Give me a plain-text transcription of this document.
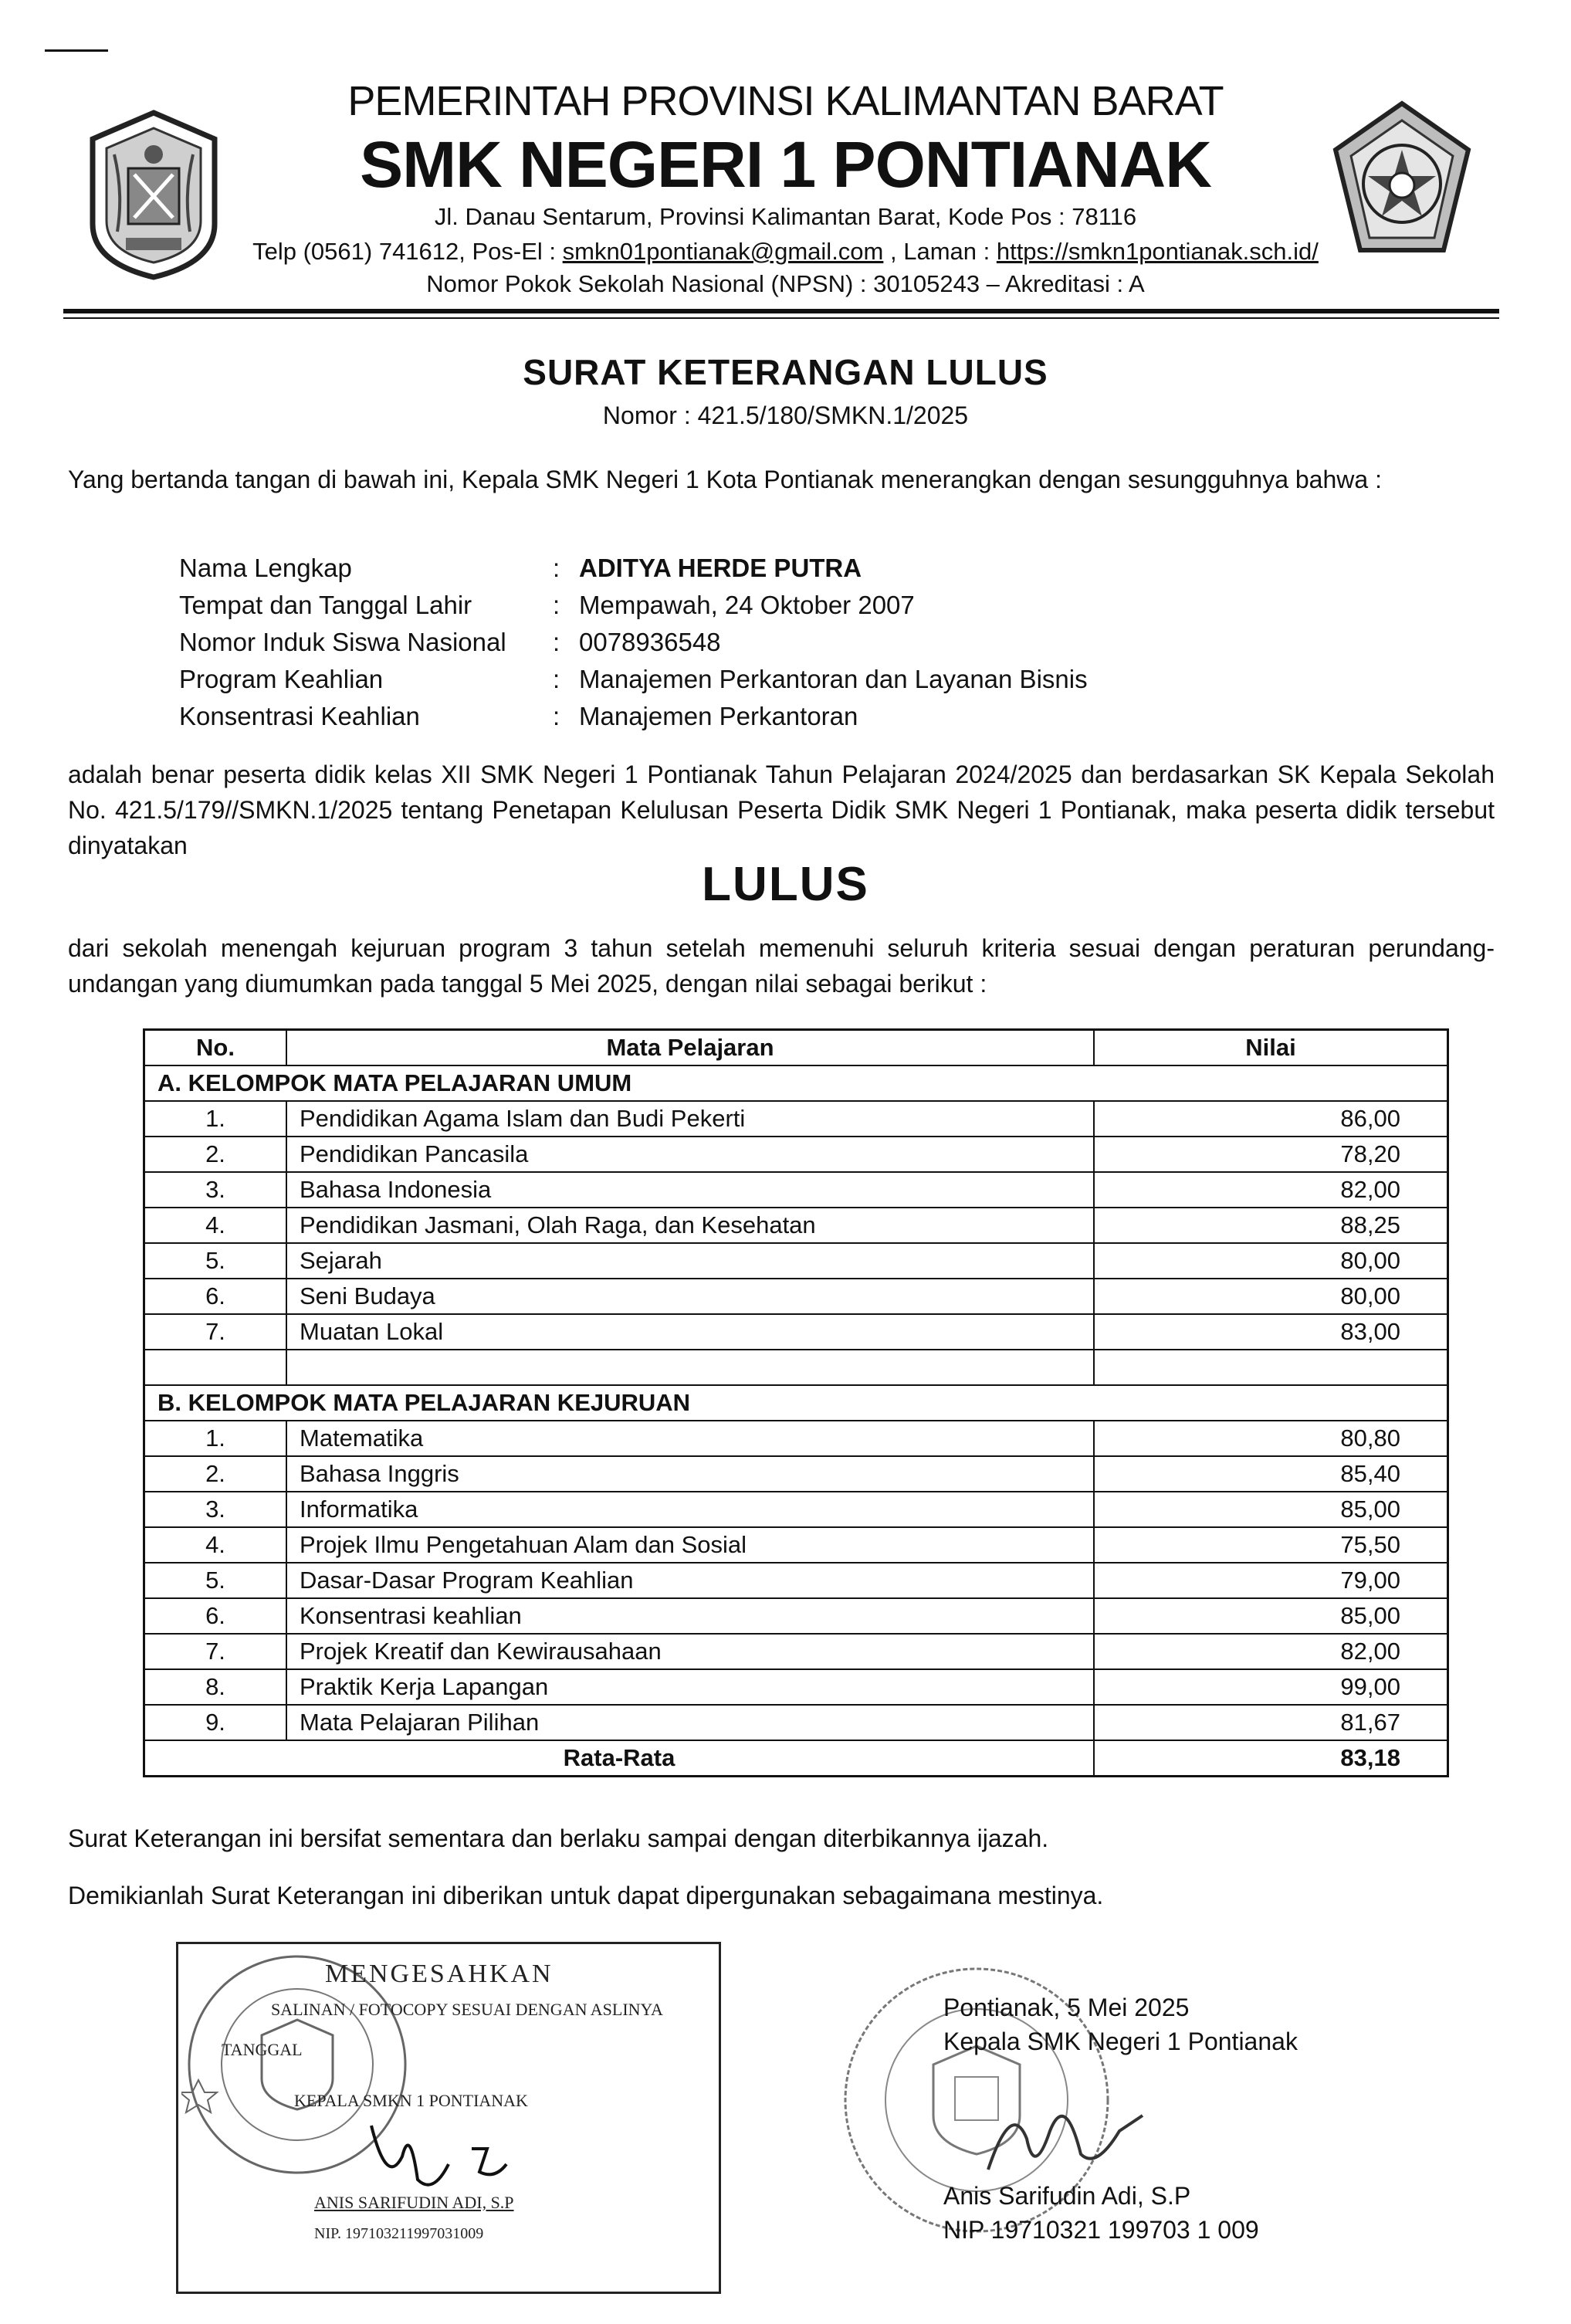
PEMERINTAH PROVINSI KALIMANTAN BARAT
SMK NEGERI 1 PONTIANAK
Jl. Danau Sentarum, Provinsi Kalimantan Barat, Kode Pos : 78116
Telp (0561) 741612, Pos-El : smkn01pontianak@gmail.com , Laman : https://smkn1pontianak.sch.id/
Nomor Pokok Sekolah Nasional (NPSN) : 30105243 – Akreditasi : A
SURAT KETERANGAN LULUS
Nomor : 421.5/180/SMKN.1/2025
Yang bertanda tangan di bawah ini, Kepala SMK Negeri 1 Kota Pontianak menerangkan dengan sesungguhnya bahwa :
Nama Lengkap	:	ADITYA HERDE PUTRA
Tempat dan Tanggal Lahir	:	Mempawah, 24 Oktober 2007
Nomor Induk Siswa Nasional	:	0078936548
Program Keahlian	:	Manajemen Perkantoran dan Layanan Bisnis
Konsentrasi Keahlian	:	Manajemen Perkantoran
adalah benar peserta didik kelas XII SMK Negeri 1 Pontianak Tahun Pelajaran 2024/2025 dan berdasarkan SK Kepala Sekolah No. 421.5/179//SMKN.1/2025 tentang Penetapan Kelulusan Peserta Didik SMK Negeri 1 Pontianak, maka peserta didik tersebut dinyatakan
LULUS
dari sekolah menengah kejuruan program 3 tahun setelah memenuhi seluruh kriteria sesuai dengan peraturan perundang-undangan yang diumumkan pada tanggal 5 Mei 2025, dengan nilai sebagai berikut :
No.	Mata Pelajaran	Nilai
A. KELOMPOK MATA PELAJARAN UMUM		
1.	Pendidikan Agama Islam dan Budi Pekerti	86,00
2.	Pendidikan Pancasila	78,20
3.	Bahasa Indonesia	82,00
4.	Pendidikan Jasmani, Olah Raga, dan Kesehatan	88,25
5.	Sejarah	80,00
6.	Seni Budaya	80,00
7.	Muatan Lokal	83,00

B. KELOMPOK MATA PELAJARAN KEJURUAN		
1.	Matematika	80,80
2.	Bahasa Inggris	85,40
3.	Informatika	85,00
4.	Projek Ilmu Pengetahuan Alam dan Sosial	75,50
5.	Dasar-Dasar Program Keahlian	79,00
6.	Konsentrasi keahlian	85,00
7.	Projek Kreatif dan Kewirausahaan	82,00
8.	Praktik Kerja Lapangan	99,00
9.	Mata Pelajaran Pilihan	81,67
Rata-Rata		83,18
Surat Keterangan ini bersifat sementara dan berlaku sampai dengan diterbikannya ijazah.
Demikianlah Surat Keterangan ini diberikan untuk dapat dipergunakan sebagaimana mestinya.
MENGESAHKAN
SALINAN / FOTOCOPY SESUAI DENGAN ASLINYA
TANGGAL
KEPALA SMKN 1 PONTIANAK
ANIS SARIFUDIN ADI, S.P
NIP. 197103211997031009
Pontianak, 5 Mei 2025
Kepala SMK Negeri 1 Pontianak
Anis Sarifudin Adi, S.P
NIP 19710321 199703 1 009
